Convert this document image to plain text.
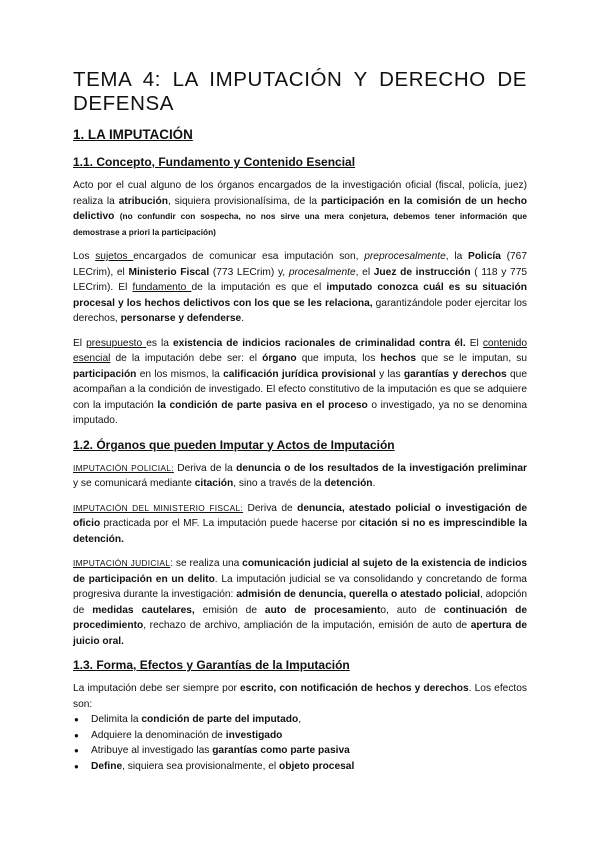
TEMA 4: LA IMPUTACIÓN Y DERECHO DE DEFENSA
1. LA IMPUTACIÓN
1.1. Concepto, Fundamento y Contenido Esencial

Acto por el cual alguno de los órganos encargados de la investigación oficial (fiscal, policía, juez) realiza la atribución, siquiera provisionalísima, de la participación en la comisión de un hecho delictivo (no confundir con sospecha, no nos sirve una mera conjetura, debemos tener información que demostrase a priori la participación)

Los sujetos encargados de comunicar esa imputación son, preprocesalmente, la Policía (767 LECrim), el Ministerio Fiscal (773 LECrim) y, procesalmente, el Juez de instrucción ( 118 y 775 LECrim). El fundamento de la imputación es que el imputado conozca cuál es su situación procesal y los hechos delictivos con los que se les relaciona, garantizándole poder ejercitar los derechos, personarse y defenderse.

El presupuesto es la existencia de indicios racionales de criminalidad contra él. El contenido esencial de la imputación debe ser: el órgano que imputa, los hechos que se le imputan, su participación en los mismos, la calificación jurídica provisional y las garantías y derechos que acompañan a la condición de investigado. El efecto constitutivo de la imputación es que se adquiere con la imputación la condición de parte pasiva en el proceso o investigado, ya no se denomina imputado.

1.2. Órganos que pueden Imputar y Actos de Imputación

IMPUTACIÓN POLICIAL: Deriva de la denuncia o de los resultados de la investigación preliminar y se comunicará mediante citación, sino a través de la detención.

IMPUTACIÓN DEL MINISTERIO FISCAL: Deriva de denuncia, atestado policial o investigación de oficio practicada por el MF. La imputación puede hacerse por citación si no es imprescindible la detención.

IMPUTACIÓN JUDICIAL: se realiza una comunicación judicial al sujeto de la existencia de indicios de participación en un delito. La imputación judicial se va consolidando y concretando de forma progresiva durante la investigación: admisión de denuncia, querella o atestado policial, adopción de medidas cautelares, emisión de auto de procesamiento, auto de continuación de procedimiento, rechazo de archivo, ampliación de la imputación, emisión de auto de apertura de juicio oral.

1.3. Forma, Efectos y Garantías de la Imputación

La imputación debe ser siempre por escrito, con notificación de hechos y derechos. Los efectos son:

● Delimita la condición de parte del imputado,
● Adquiere la denominación de investigado
● Atribuye al investigado las garantías como parte pasiva
● Define, siquiera sea provisionalmente, el objeto procesal
